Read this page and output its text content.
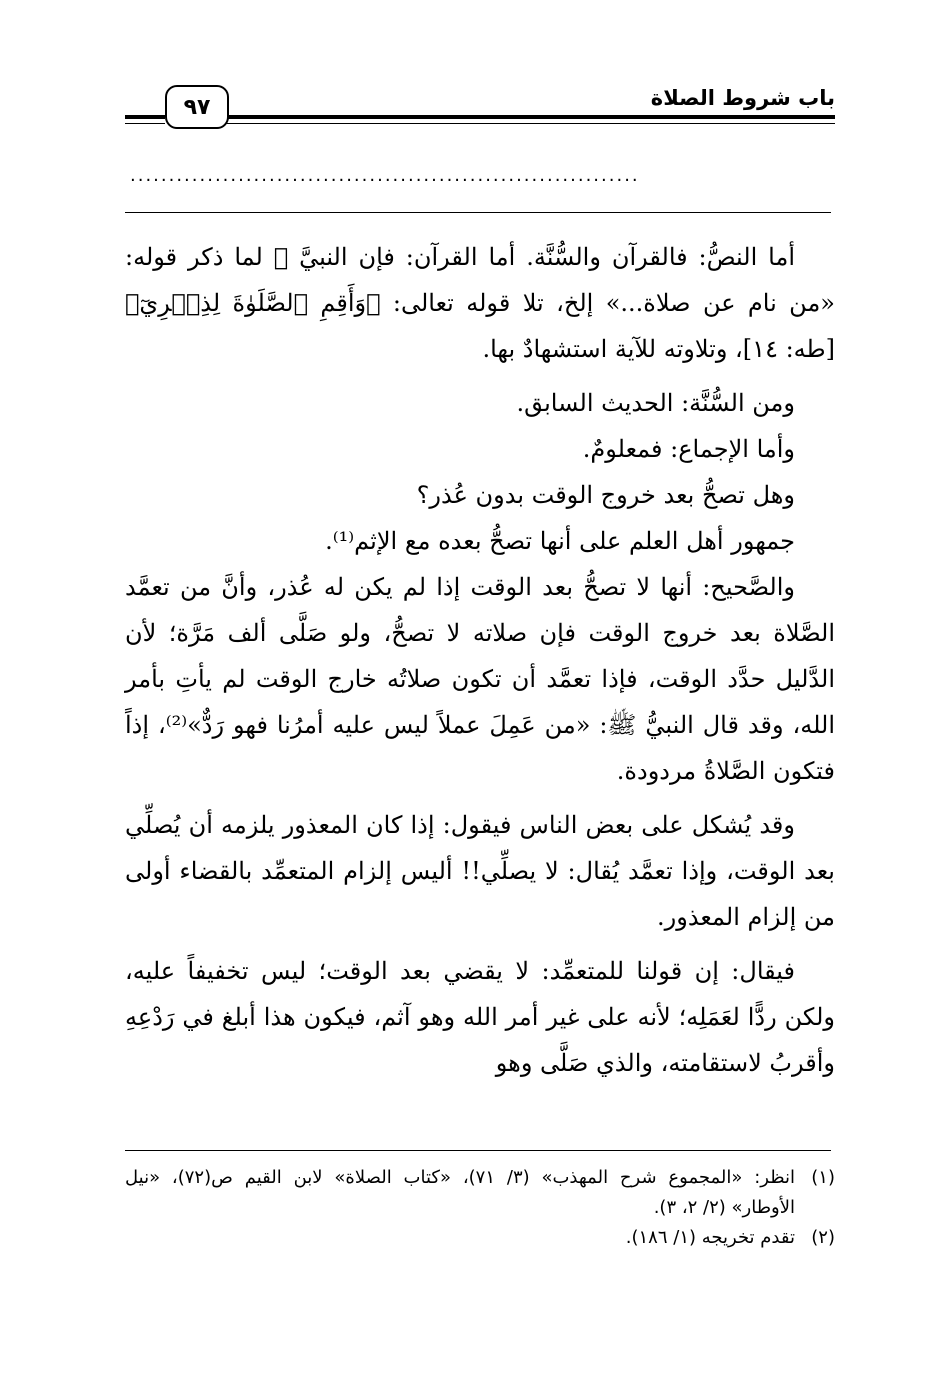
باب شروط الصلاة
٩٧
..................................................................

أما النصُّ: فالقرآن والسُّنَّة. أما القرآن: فإن النبيَّ ﷺ لما ذكر قوله: «من نام عن صلاة...» إلخ، تلا قوله تعالى: ﴿وَأَقِمِ ٱلصَّلَوٰةَ لِذِكۡرِيٓ﴾ [طه: ١٤]، وتلاوته للآية استشهادٌ بها.

ومن السُّنَّة: الحديث السابق.

وأما الإجماع: فمعلومٌ.

وهل تصحُّ بعد خروج الوقت بدون عُذر؟

جمهور أهل العلم على أنها تصحُّ بعده مع الإثم⁽¹⁾.

والصَّحيح: أنها لا تصحُّ بعد الوقت إذا لم يكن له عُذر، وأنَّ من تعمَّد الصَّلاة بعد خروج الوقت فإن صلاته لا تصحُّ، ولو صَلَّى ألف مَرَّة؛ لأن الدَّليل حدَّد الوقت، فإذا تعمَّد أن تكون صلاتُه خارج الوقت لم يأتِ بأمر الله، وقد قال النبيُّ ﷺ: «من عَمِلَ عملاً ليس عليه أمرُنا فهو رَدٌّ»⁽²⁾، إذاً فتكون الصَّلاةُ مردودة.

وقد يُشكل على بعض الناس فيقول: إذا كان المعذور يلزمه أن يُصلِّي بعد الوقت، وإذا تعمَّد يُقال: لا يصلِّي!! أليس إلزام المتعمِّد بالقضاء أولى من إلزام المعذور.

فيقال: إن قولنا للمتعمِّد: لا يقضي بعد الوقت؛ ليس تخفيفاً عليه، ولكن ردًّا لعَمَلِه؛ لأنه على غير أمر الله وهو آثم، فيكون هذا أبلغ في رَدْعِهِ وأقربُ لاستقامته، والذي صَلَّى وهو

(١)
انظر: «المجموع شرح المهذب» (٣/ ٧١)، «كتاب الصلاة» لابن القيم ص(٧٢)، «نيل الأوطار» (٢/ ٢، ٣).
(٢)
تقدم تخريجه (١/ ١٨٦).
